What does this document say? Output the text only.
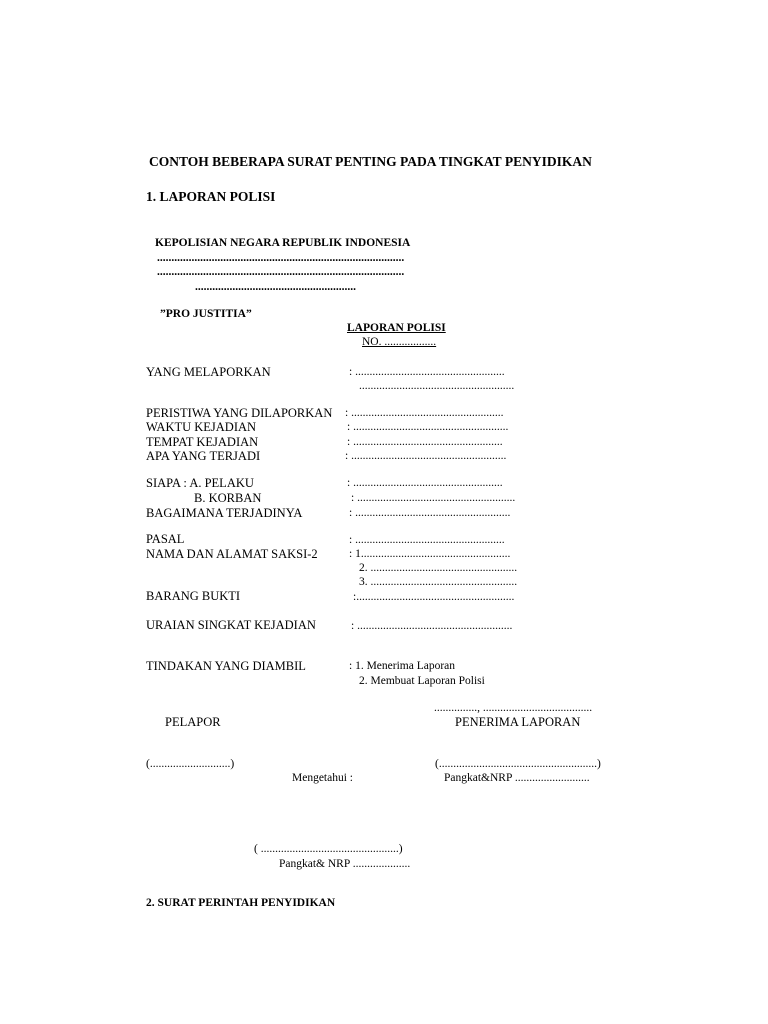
CONTOH BEBERAPA SURAT PENTING PADA TINGKAT PENYIDIKAN
1. LAPORAN POLISI
KEPOLISIAN NEGARA REPUBLIK INDONESIA
......................................................................................
......................................................................................
........................................................
”PRO JUSTITIA”
LAPORAN POLISI
NO. ..................
YANG MELAPORKAN	: ....................................................
......................................................
PERISTIWA YANG DILAPORKAN : .....................................................
WAKTU KEJADIAN	: ......................................................
TEMPAT KEJADIAN	: ....................................................
APA YANG TERJADI	: ......................................................
SIAPA : A. PELAKU	: ....................................................
B. KORBAN	: .......................................................
BAGAIMANA TERJADINYA	: ......................................................
PASAL	: ....................................................
NAMA DAN ALAMAT SAKSI-2	: 1....................................................
2. ...................................................
3. ...................................................
BARANG BUKTI	:.......................................................
URAIAN SINGKAT KEJADIAN	: ......................................................
TINDAKAN YANG DIAMBIL	: 1. Menerima Laporan
2. Membuat Laporan Polisi
..............., ......................................
PELAPOR	PENERIMA LAPORAN
(............................)	(.......................................................)
Mengetahui :	Pangkat&NRP ..........................
( ................................................)
Pangkat& NRP ....................
2. SURAT PERINTAH PENYIDIKAN
